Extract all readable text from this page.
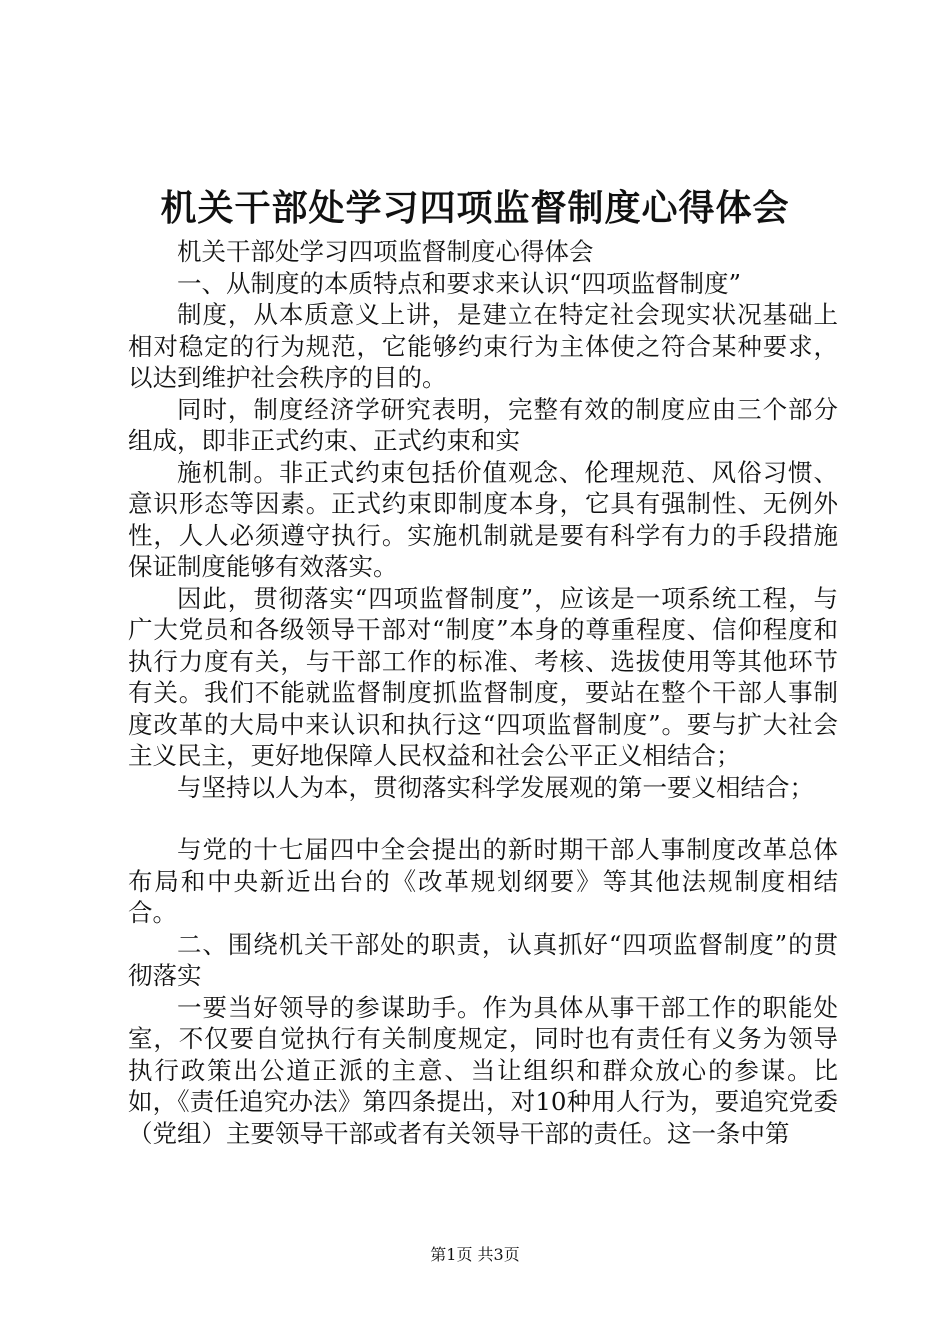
机关干部处学习四项监督制度心得体会

机关干部处学习四项监督制度心得体会

一、从制度的本质特点和要求来认识“四项监督制度”

制度，从本质意义上讲，是建立在特定社会现实状况基础上相对稳定的行为规范，它能够约束行为主体使之符合某种要求，以达到维护社会秩序的目的。

同时，制度经济学研究表明，完整有效的制度应由三个部分组成，即非正式约束、正式约束和实

施机制。非正式约束包括价值观念、伦理规范、风俗习惯、意识形态等因素。正式约束即制度本身，它具有强制性、无例外性，人人必须遵守执行。实施机制就是要有科学有力的手段措施保证制度能够有效落实。

因此，贯彻落实“四项监督制度”，应该是一项系统工程，与广大党员和各级领导干部对“制度”本身的尊重程度、信仰程度和执行力度有关，与干部工作的标准、考核、选拔使用等其他环节有关。我们不能就监督制度抓监督制度，要站在整个干部人事制度改革的大局中来认识和执行这“四项监督制度”。要与扩大社会主义民主，更好地保障人民权益和社会公平正义相结合；

与坚持以人为本，贯彻落实科学发展观的第一要义相结合；

与党的十七届四中全会提出的新时期干部人事制度改革总体布局和中央新近出台的《改革规划纲要》等其他法规制度相结合。

二、围绕机关干部处的职责，认真抓好“四项监督制度”的贯彻落实

一要当好领导的参谋助手。作为具体从事干部工作的职能处室，不仅要自觉执行有关制度规定，同时也有责任有义务为领导执行政策出公道正派的主意、当让组织和群众放心的参谋。比如，《责任追究办法》第四条提出，对10种用人行为，要追究党委（党组）主要领导干部或者有关领导干部的责任。这一条中第

第1页 共3页
